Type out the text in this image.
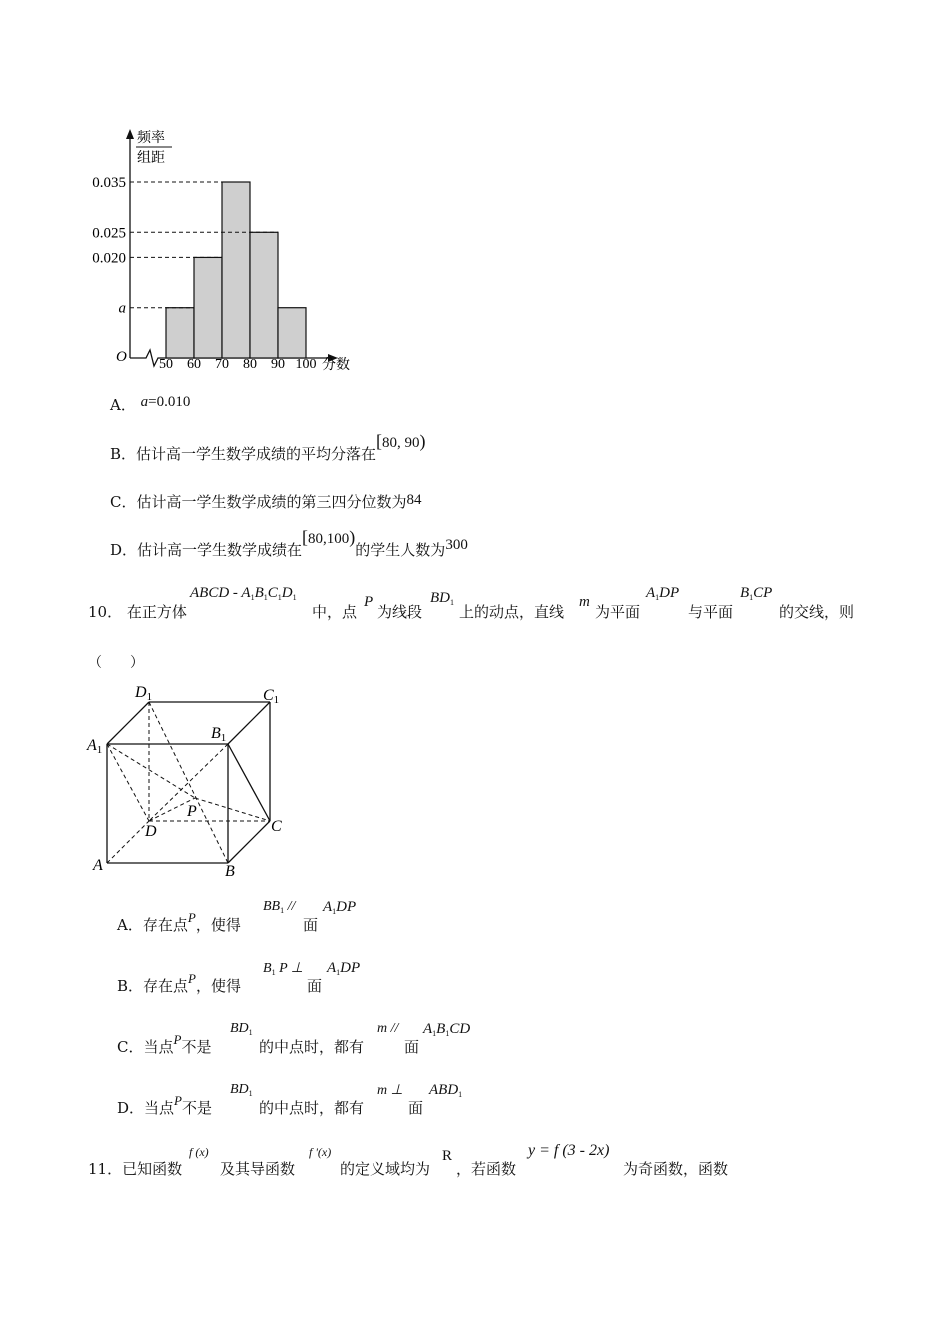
频率
组距
0.035
0.025
0.020
a
50 60 70 80 90 100
O
分数
A． a=0.010
B．估计高一学生数学成绩的平均分落在[80, 90)
C．估计高一学生数学成绩的第三四分位数为84
D．估计高一学生数学成绩在[80,100)的学生人数为300
10． 在正方体
ABCD - $A_1B_1C_1D_1$
中，点
P
为线段
$BD_1$
上的动点，直线
m
为平面
$A_1DP$
与平面
$B_1CP$
的交线，则
（　　）
D1	C1
A1
B1
P
D	C
A	B
A．存在点P，使得
$BB_1$ //
面
$A_1DP$
B．存在点P，使得
$B_1$ P ⊥
面
$A_1DP$
C．当点P不是
$BD_1$
的中点时，都有
m //
面
$A_1B_1CD$
D．当点P不是
$BD_1$
的中点时，都有
m ⊥
面
$ABD_1$
11．已知函数
f (x)
及其导函数
f '(x)
的定义域均为
R
，若函数
y = f (3 - 2x)
为奇函数，函数
